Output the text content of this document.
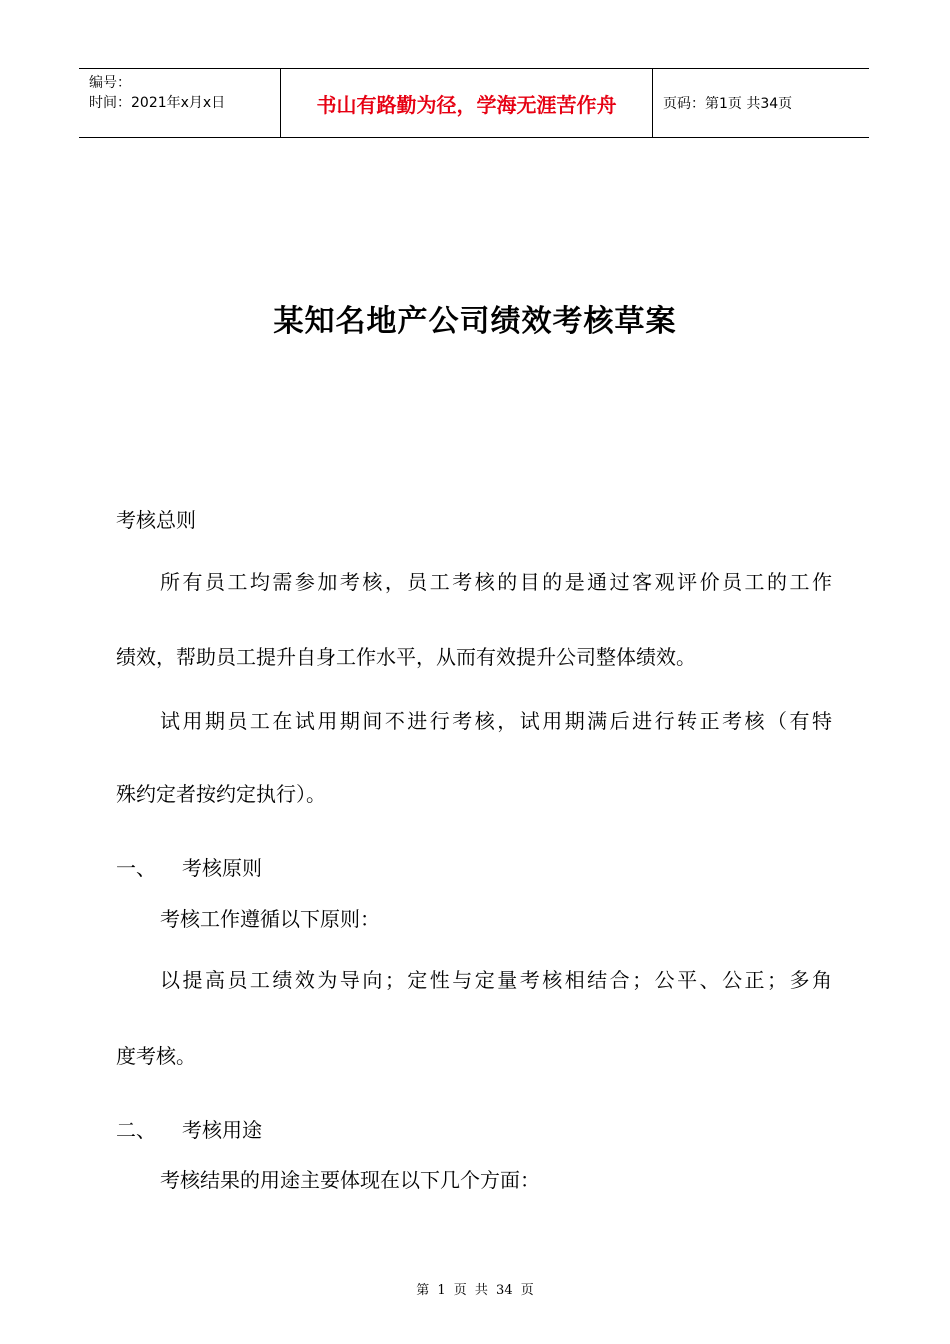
编号：
时间：2021年x月x日	书山有路勤为径，学海无涯苦作舟	页码：第1页 共34页
某知名地产公司绩效考核草案
考核总则
所有员工均需参加考核，员工考核的目的是通过客观评价员工的工作
绩效，帮助员工提升自身工作水平，从而有效提升公司整体绩效。
试用期员工在试用期间不进行考核，试用期满后进行转正考核（有特
殊约定者按约定执行）。
一、 考核原则
考核工作遵循以下原则：
以提高员工绩效为导向；定性与定量考核相结合；公平、公正；多角
度考核。
二、 考核用途
考核结果的用途主要体现在以下几个方面：
第 1 页 共 34 页
